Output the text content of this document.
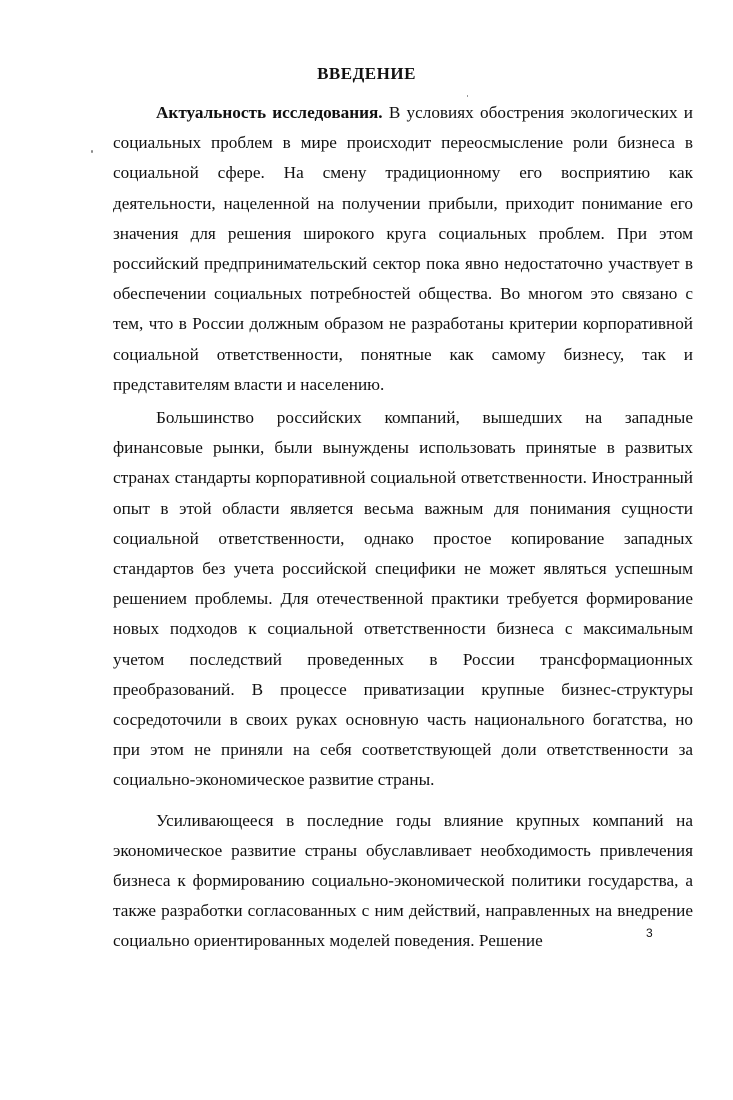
ВВЕДЕНИЕ

Актуальность исследования. В условиях обострения экологических и социальных проблем в мире происходит переосмысление роли бизнеса в социальной сфере. На смену традиционному его восприятию как деятельности, нацеленной на получении прибыли, приходит понимание его значения для решения широкого круга социальных проблем. При этом российский предпринимательский сектор пока явно недостаточно участвует в обеспечении социальных потребностей общества. Во многом это связано с тем, что в России должным образом не разработаны критерии корпоративной социальной ответственности, понятные как самому бизнесу, так и представителям власти и населению.

Большинство российских компаний, вышедших на западные финансовые рынки, были вынуждены использовать принятые в развитых странах стандарты корпоративной социальной ответственности. Иностранный опыт в этой области является весьма важным для понимания сущности социальной ответственности, однако простое копирование западных стандартов без учета российской специфики не может являться успешным решением проблемы. Для отечественной практики требуется формирование новых подходов к социальной ответственности бизнеса с максимальным учетом последствий проведенных в России трансформационных преобразований. В процессе приватизации крупные бизнес-структуры сосредоточили в своих руках основную часть национального богатства, но при этом не приняли на себя соответствующей доли ответственности за социально-экономическое развитие страны.

Усиливающееся в последние годы влияние крупных компаний на экономическое развитие страны обуславливает необходимость привлечения бизнеса к формированию социально-экономической политики государства, а также разработки согласованных с ним действий, направленных на внедрение социально ориентированных моделей поведения. Решение	3
